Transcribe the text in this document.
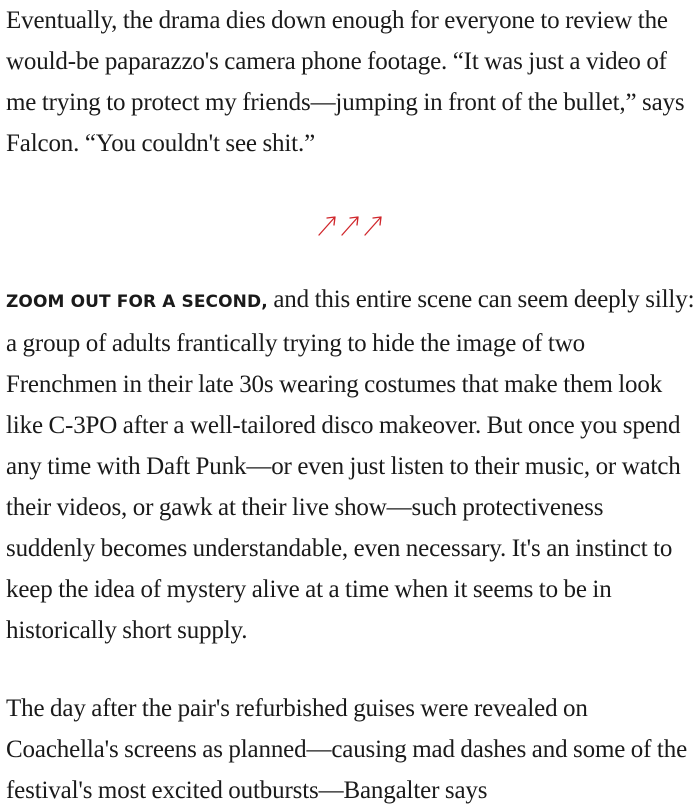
Eventually, the drama dies down enough for everyone to review the would-be paparazzo's camera phone footage. “It was just a video of me trying to protect my friends—jumping in front of the bullet,” says Falcon. “You couldn't see shit.”

ZOOM OUT FOR A SECOND, and this entire scene can seem deeply silly: a group of adults frantically trying to hide the image of two Frenchmen in their late 30s wearing costumes that make them look like C-3PO after a well-tailored disco makeover. But once you spend any time with Daft Punk—or even just listen to their music, or watch their videos, or gawk at their live show—such protectiveness suddenly becomes understandable, even necessary. It's an instinct to keep the idea of mystery alive at a time when it seems to be in historically short supply.

The day after the pair's refurbished guises were revealed on Coachella's screens as planned—causing mad dashes and some of the festival's most excited outbursts—Bangalter says
